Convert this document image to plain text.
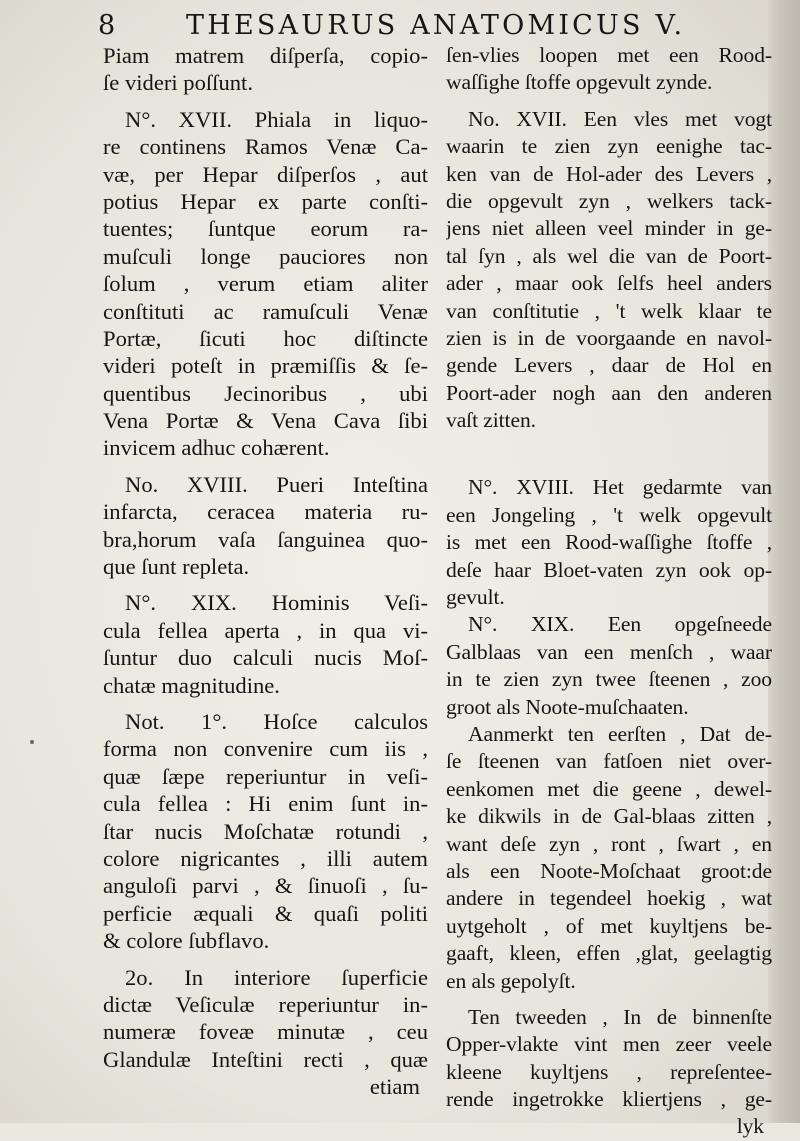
8	THESAURUS ANATOMICUS V.
Piam matrem diſperſa, copio-
ſe videri poſſunt.
N°. XVII. Phiala in liquo-
re continens Ramos Venæ Ca-
væ, per Hepar diſperſos , aut
potius Hepar ex parte conſti-
tuentes; ſuntque eorum ra-
muſculi longe pauciores non
ſolum , verum etiam aliter
conſtituti ac ramuſculi Venæ
Portæ, ſicuti hoc diſtincte
videri poteſt in præmiſſis & ſe-
quentibus Jecinoribus , ubi
Vena Portæ & Vena Cava ſibi
invicem adhuc cohærent.
No. XVIII. Pueri Inteſtina
infarcta, ceracea materia ru-
bra,horum vaſa ſanguinea quo-
que ſunt repleta.
N°. XIX. Hominis Veſi-
cula fellea aperta , in qua vi-
ſuntur duo calculi nucis Moſ-
chatæ magnitudine.
Not. 1°. Hoſce calculos
forma non convenire cum iis ,
quæ ſæpe reperiuntur in veſi-
cula fellea : Hi enim ſunt in-
ſtar nucis Moſchatæ rotundi ,
colore nigricantes , illi autem
anguloſi parvi , & ſinuoſi , ſu-
perficie æquali & quaſi politi
& colore ſubflavo.
2o. In interiore ſuperficie
dictæ Veſiculæ reperiuntur in-
numeræ foveæ minutæ , ceu
Glandulæ Inteſtini recti , quæ
etiam
ſen-vlies loopen met een Rood-
waſſighe ſtoffe opgevult zynde.
No. XVII. Een vles met vogt
waarin te zien zyn eenighe tac-
ken van de Hol-ader des Levers ,
die opgevult zyn , welkers tack-
jens niet alleen veel minder in ge-
tal ſyn , als wel die van de Poort-
ader , maar ook ſelfs heel anders
van conſtitutie , 't welk klaar te
zien is in de voorgaande en navol-
gende Levers , daar de Hol en
Poort-ader nogh aan den anderen
vaſt zitten.
N°. XVIII. Het gedarmte van
een Jongeling , 't welk opgevult
is met een Rood-waſſighe ſtoffe ,
deſe haar Bloet-vaten zyn ook op-
gevult.
N°. XIX. Een opgeſneede
Galblaas van een menſch , waar
in te zien zyn twee ſteenen , zoo
groot als Noote-muſchaaten.
Aanmerkt ten eerſten , Dat de-
ſe ſteenen van fatſoen niet over-
eenkomen met die geene , dewel-
ke dikwils in de Gal-blaas zitten ,
want deſe zyn , ront , ſwart , en
als een Noote-Moſchaat groot:de
andere in tegendeel hoekig , wat
uytgeholt , of met kuyltjens be-
gaaft, kleen, effen ,glat, geelagtig
en als gepolyſt.
Ten tweeden , In de binnenſte
Opper-vlakte vint men zeer veele
kleene kuyltjens , repreſentee-
rende ingetrokke kliertjens , ge-
lyk
